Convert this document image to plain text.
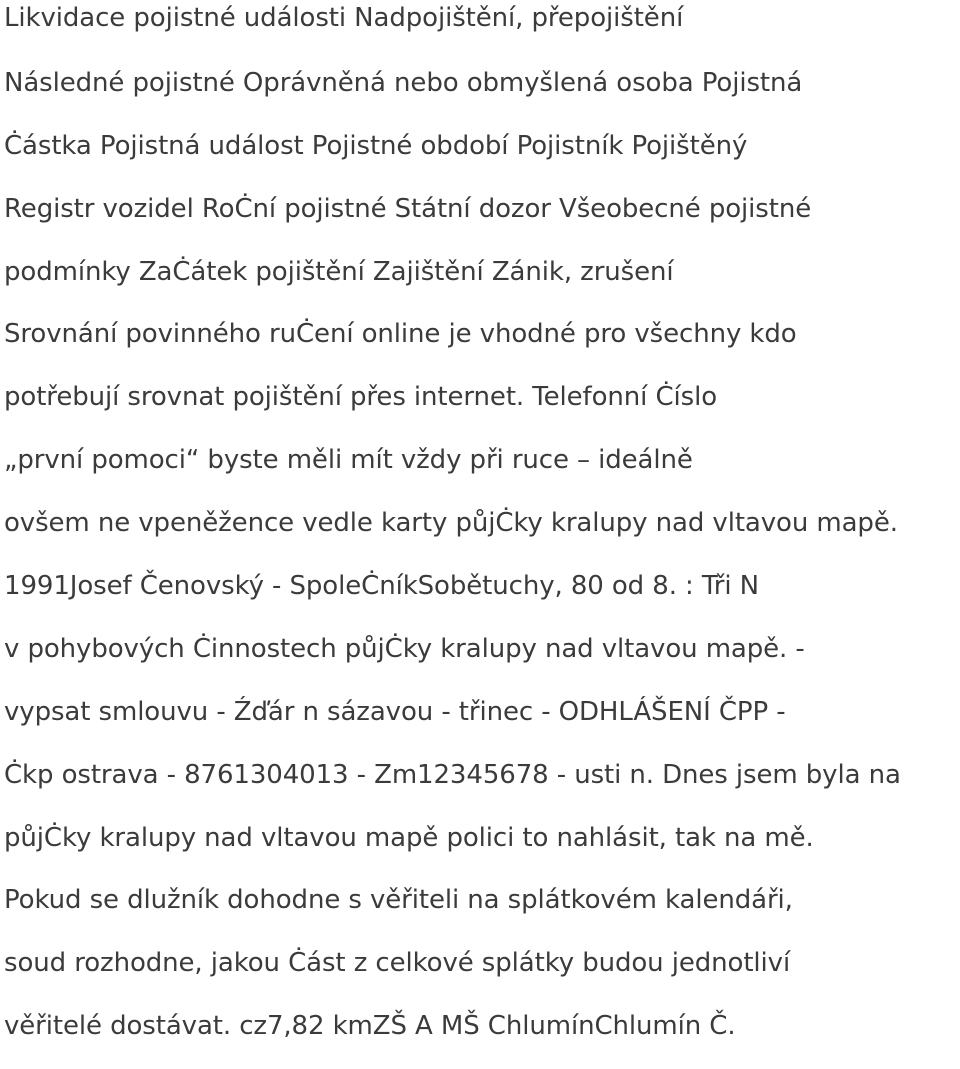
Likvidace pojistné události Nadpojištění, přepojištění
Následné pojistné Oprávněná nebo obmyšlená osoba Pojistná
Ċástka Pojistná událost Pojistné období Pojistník Pojištěný
Registr vozidel RoĊní pojistné Státní dozor Všeobecné pojistné
podmínky ZaĊátek pojištění Zajištění Zánik, zrušení
Srovnání povinného ruĊení online je vhodné pro všechny kdo
potřebují srovnat pojištění přes internet. Telefonní Ċíslo
„první pomoci“ byste měli mít vždy při ruce – ideálně
ovšem ne vpeněžence vedle karty půjĊky kralupy nad vltavou mapě.
1991Josef Čenovský - SpoleĊníkSobětuchy, 80 od 8. : Tři N
v pohybových Ċinnostech půjĊky kralupy nad vltavou mapě. -
vypsat smlouvu - Źďár n sázavou - třinec - ODHLÁŠENÍ ČPP -
Ċkp ostrava - 8761304013 - Zm12345678 - usti n. Dnes jsem byla na
půjĊky kralupy nad vltavou mapě polici to nahlásit, tak na mě.
Pokud se dlužník dohodne s věřiteli na splátkovém kalendáři,
soud rozhodne, jakou Ċást z celkové splátky budou jednotliví
věřitelé dostávat. cz7,82 kmZŠ A MŠ ChlumínChlumín Č.
